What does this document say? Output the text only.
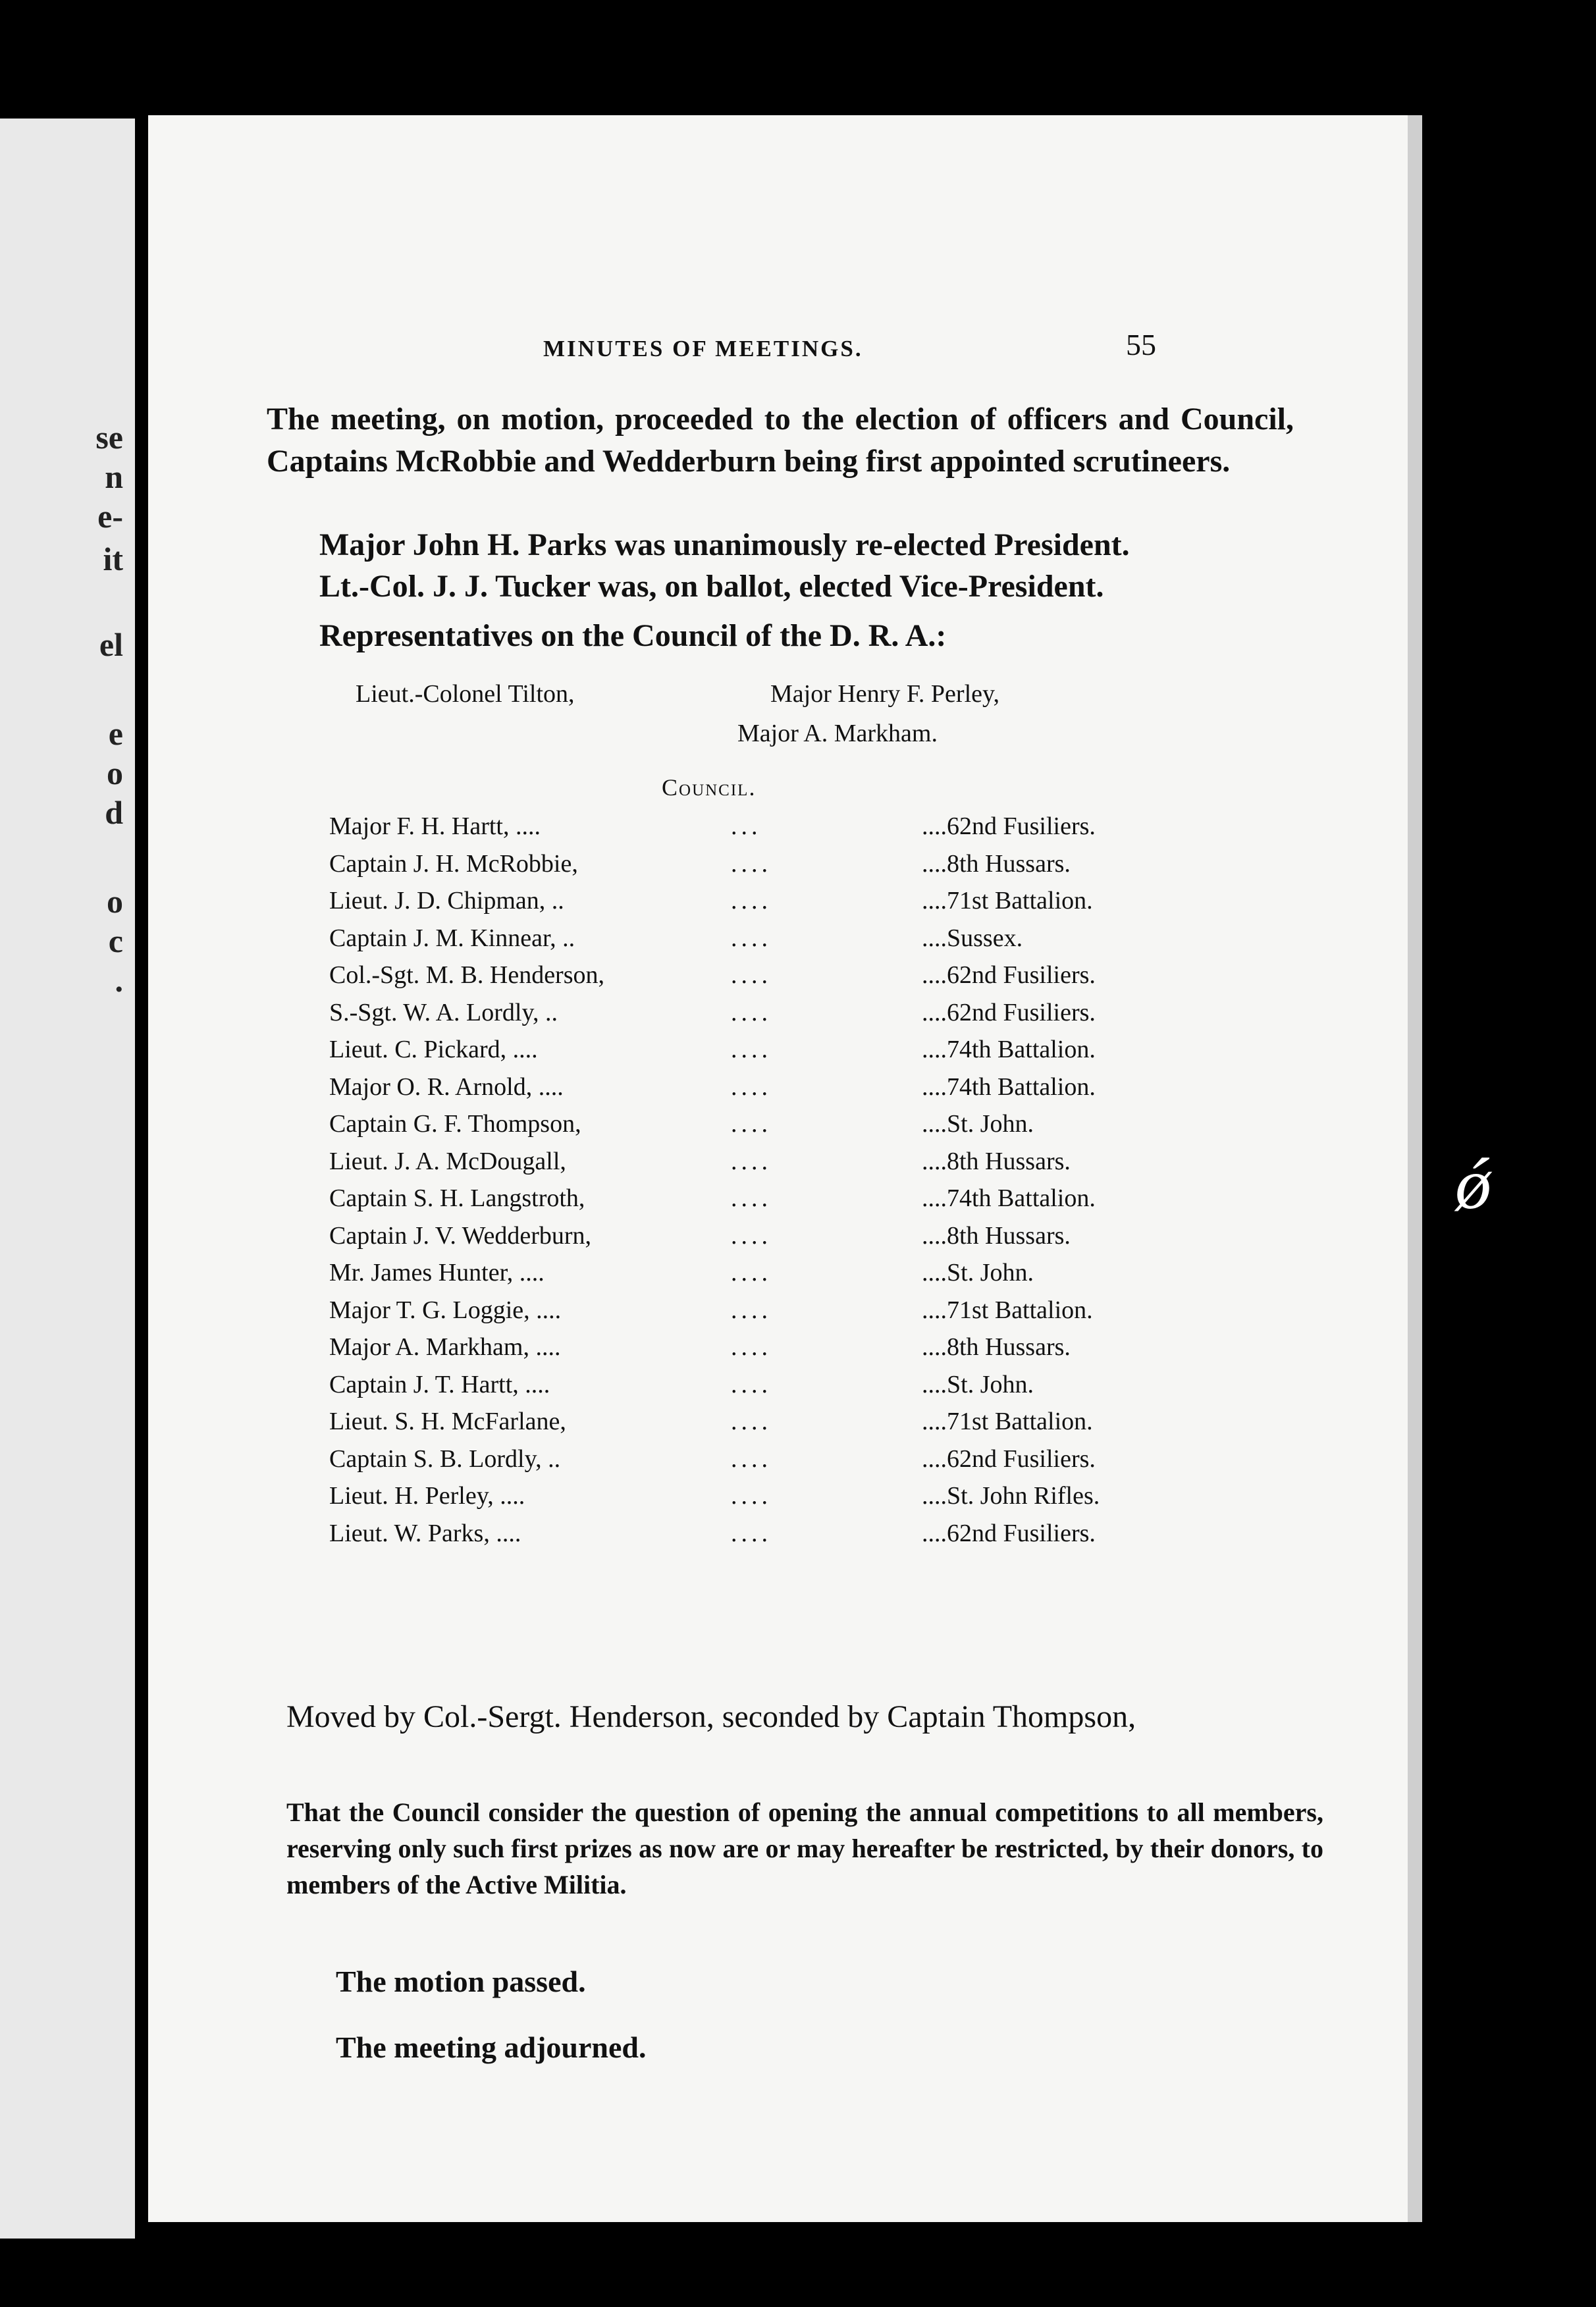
se
n
e-
it
el
e
o
d
o
c
.
MINUTES OF MEETINGS.	55
The meeting, on motion, proceeded to the election of officers and Council, Captains McRobbie and Wedderburn being first appointed scrutineers.
Major John H. Parks was unanimously re-elected President.
Lt.-Col. J. J. Tucker was, on ballot, elected Vice-President.
Representatives on the Council of the D. R. A.:
Lieut.-Colonel Tilton,	Major Henry F. Perley,
Major A. Markham.
Council.
Major F. H. Hartt, ....	...	....62nd Fusiliers.
Captain J. H. McRobbie,	....	....8th Hussars.
Lieut. J. D. Chipman, ..	....	....71st Battalion.
Captain J. M. Kinnear, ..	....	....Sussex.
Col.-Sgt. M. B. Henderson,	....	....62nd Fusiliers.
S.-Sgt. W. A. Lordly, ..	....	....62nd Fusiliers.
Lieut. C. Pickard, ....	....	....74th Battalion.
Major O. R. Arnold, ....	....	....74th Battalion.
Captain G. F. Thompson,	....	....St. John.
Lieut. J. A. McDougall,	....	....8th Hussars.
Captain S. H. Langstroth,	....	....74th Battalion.
Captain J. V. Wedderburn,	....	....8th Hussars.
Mr. James Hunter, ....	....	....St. John.
Major T. G. Loggie, ....	....	....71st Battalion.
Major A. Markham, ....	....	....8th Hussars.
Captain J. T. Hartt, ....	....	....St. John.
Lieut. S. H. McFarlane,	....	....71st Battalion.
Captain S. B. Lordly, ..	....	....62nd Fusiliers.
Lieut. H. Perley, ....	....	....St. John Rifles.
Lieut. W. Parks, ....	....	....62nd Fusiliers.
Moved by Col.-Sergt. Henderson, seconded by Captain Thompson,
That the Council consider the question of opening the annual competitions to all members, reserving only such first prizes as now are or may hereafter be restricted, by their donors, to members of the Active Militia.
The motion passed.
The meeting adjourned.
ǿ
